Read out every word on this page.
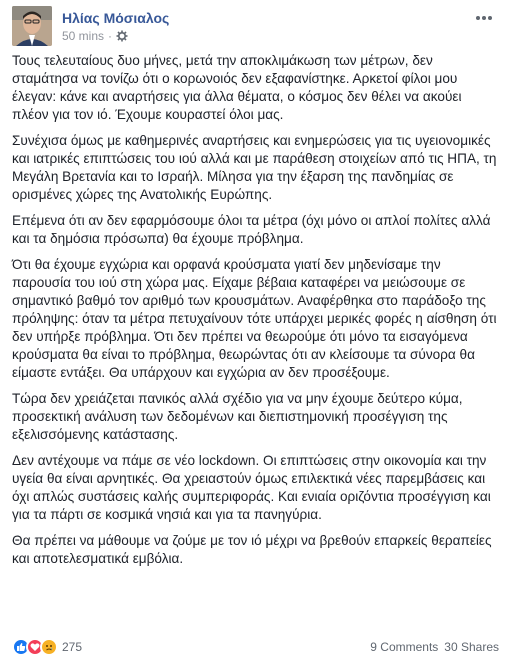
Ηλίας Μόσιαλος
50 mins ·

Τους τελευταίους δυο μήνες, μετά την αποκλιμάκωση των μέτρων, δεν σταμάτησα να τονίζω ότι ο κορωνοιός δεν εξαφανίστηκε. Αρκετοί φίλοι μου έλεγαν: κάνε και αναρτήσεις για άλλα θέματα, ο κόσμος δεν θέλει να ακούει πλέον για τον ιό. Έχουμε κουραστεί όλοι μας.

Συνέχισα όμως με καθημερινές αναρτήσεις και ενημερώσεις για τις υγειονομικές και ιατρικές επιπτώσεις του ιού αλλά και με παράθεση στοιχείων από τις ΗΠΑ, τη Μεγάλη Βρετανία και το Ισραήλ. Μίλησα για την έξαρση της πανδημίας σε ορισμένες χώρες της Ανατολικής Ευρώπης.

Επέμενα ότι αν δεν εφαρμόσουμε όλοι τα μέτρα (όχι μόνο οι απλοί πολίτες αλλά και τα δημόσια πρόσωπα) θα έχουμε πρόβλημα.

Ότι θα έχουμε εγχώρια και ορφανά κρούσματα γιατί δεν μηδενίσαμε την παρουσία του ιού στη χώρα μας. Είχαμε βέβαια καταφέρει να μειώσουμε σε σημαντικό βαθμό τον αριθμό των κρουσμάτων. Αναφέρθηκα στο παράδοξο της πρόληψης: όταν τα μέτρα πετυχαίνουν τότε υπάρχει μερικές φορές η αίσθηση ότι δεν υπήρξε πρόβλημα. Ότι δεν πρέπει να θεωρούμε ότι μόνο τα εισαγόμενα κρούσματα θα είναι το πρόβλημα, θεωρώντας ότι αν κλείσουμε τα σύνορα θα είμαστε εντάξει. Θα υπάρχουν και εγχώρια αν δεν προσέξουμε.

Τώρα δεν χρειάζεται πανικός αλλά σχέδιο για να μην έχουμε δεύτερο κύμα, προσεκτική ανάλυση των δεδομένων και διεπιστημονική προσέγγιση της εξελισσόμενης κατάστασης.

Δεν αντέχουμε να πάμε σε νέο lockdown. Οι επιπτώσεις στην οικονομία και την υγεία θα είναι αρνητικές. Θα χρειαστούν όμως επιλεκτικά νέες παρεμβάσεις και όχι απλώς συστάσεις καλής συμπεριφοράς. Και ενιαία οριζόντια προσέγγιση και για τα πάρτι σε κοσμικά νησιά και για τα πανηγύρια.

Θα πρέπει να μάθουμε να ζούμε με τον ιό μέχρι να βρεθούν επαρκείς θεραπείες και αποτελεσματικά εμβόλια.

275	9 Comments 30 Shares
